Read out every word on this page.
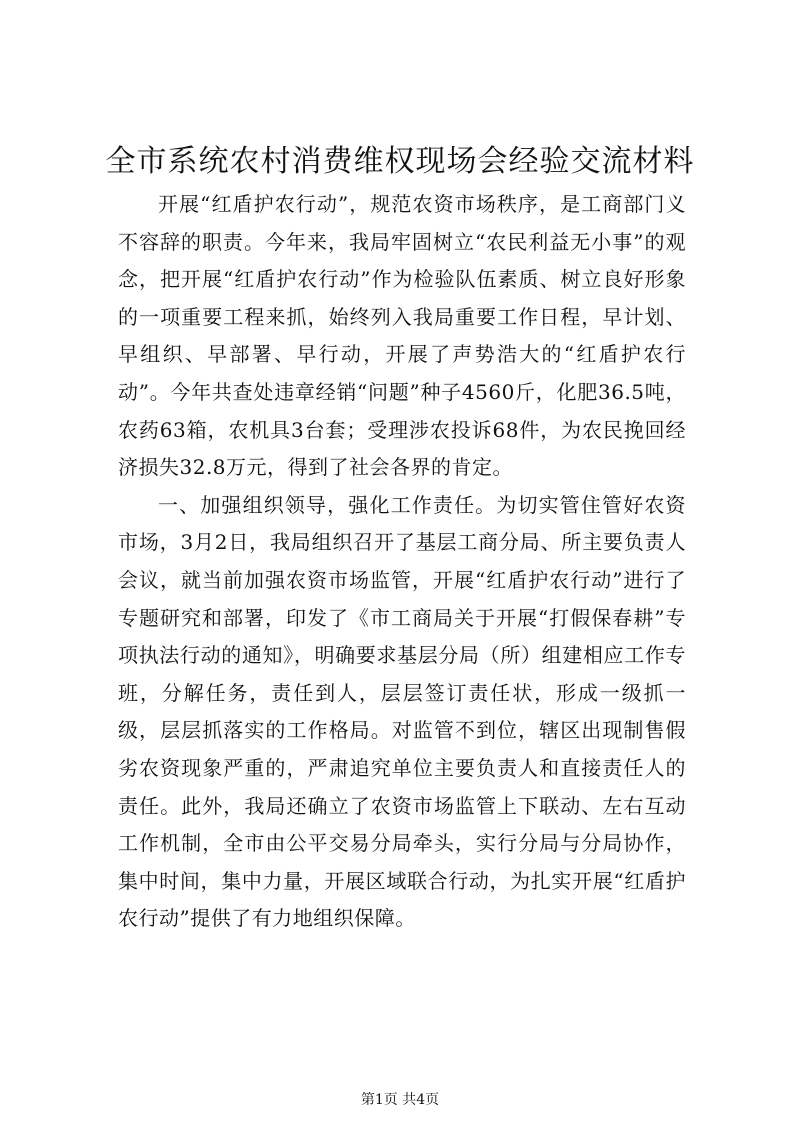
全市系统农村消费维权现场会经验交流材料

开展“红盾护农行动”，规范农资市场秩序，是工商部门义不容辞的职责。今年来，我局牢固树立“农民利益无小事”的观念，把开展“红盾护农行动”作为检验队伍素质、树立良好形象的一项重要工程来抓，始终列入我局重要工作日程，早计划、早组织、早部署、早行动，开展了声势浩大的“红盾护农行动”。今年共查处违章经销“问题”种子4560斤，化肥36.5吨，农药63箱，农机具3台套；受理涉农投诉68件，为农民挽回经济损失32.8万元，得到了社会各界的肯定。

一、加强组织领导，强化工作责任。为切实管住管好农资市场，3月2日，我局组织召开了基层工商分局、所主要负责人会议，就当前加强农资市场监管，开展“红盾护农行动”进行了专题研究和部署，印发了《市工商局关于开展“打假保春耕”专项执法行动的通知》，明确要求基层分局（所）组建相应工作专班，分解任务，责任到人，层层签订责任状，形成一级抓一级，层层抓落实的工作格局。对监管不到位，辖区出现制售假劣农资现象严重的，严肃追究单位主要负责人和直接责任人的责任。此外，我局还确立了农资市场监管上下联动、左右互动工作机制，全市由公平交易分局牵头，实行分局与分局协作，集中时间，集中力量，开展区域联合行动，为扎实开展“红盾护农行动”提供了有力地组织保障。

第1页 共4页
